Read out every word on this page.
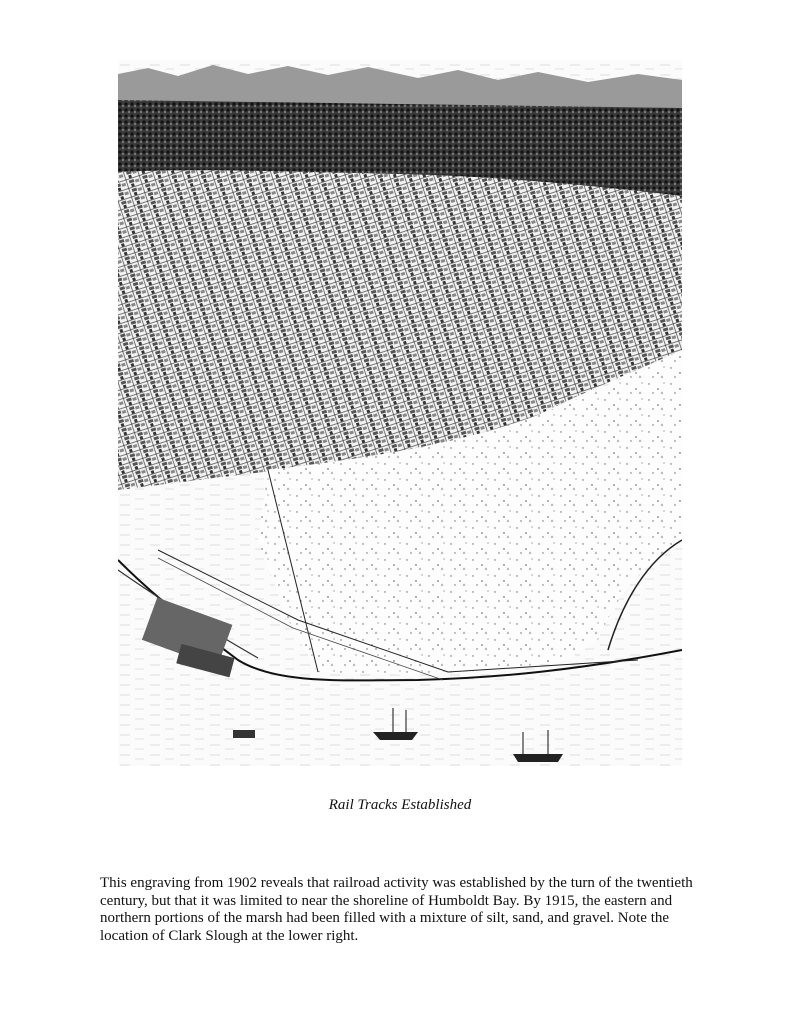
Rail Tracks Established
This engraving from 1902 reveals that railroad activity was established by the turn of the twentieth century, but that it was limited to near the shoreline of Humboldt Bay. By 1915, the eastern and northern portions of the marsh had been filled with a mixture of silt, sand, and gravel. Note the location of Clark Slough at the lower right.
